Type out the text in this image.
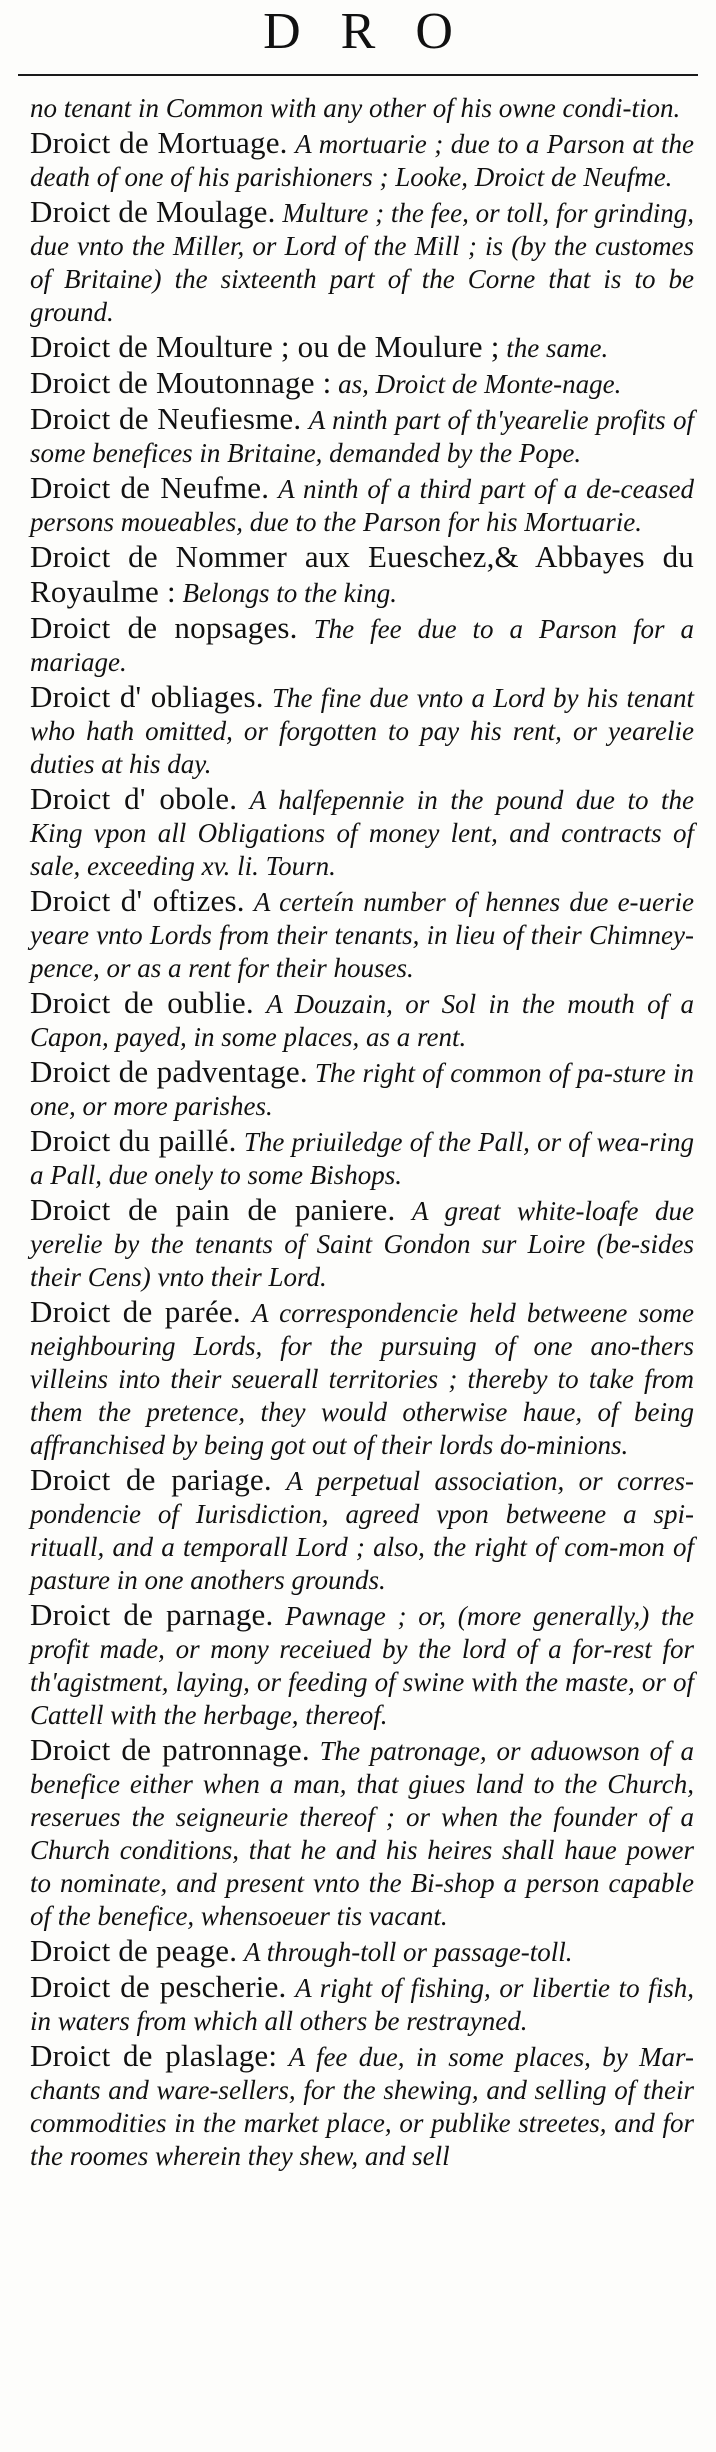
DRO

no tenant in Common with any other of his owne condi-tion.

Droict de Mortuage. A mortuarie ; due to a Parson at the death of one of his parishioners ; Looke, Droict de Neufme.

Droict de Moulage. Multure ; the fee, or toll, for grinding, due vnto the Miller, or Lord of the Mill ; is (by the customes of Britaine) the sixteenth part of the Corne that is to be ground.

Droict de Moulture ; ou de Moulure ; the same.

Droict de Moutonnage : as, Droict de Monte-nage.

Droict de Neufiesme. A ninth part of th'yearelie profits of some benefices in Britaine, demanded by the Pope.

Droict de Neufme. A ninth of a third part of a de-ceased persons moueables, due to the Parson for his Mortuarie.

Droict de Nommer aux Eueschez,& Abbayes du Royaulme : Belongs to the king.

Droict de nopsages. The fee due to a Parson for a mariage.

Droict d' obliages. The fine due vnto a Lord by his tenant who hath omitted, or forgotten to pay his rent, or yearelie duties at his day.

Droict d' obole. A halfepennie in the pound due to the King vpon all Obligations of money lent, and contracts of sale, exceeding xv. li. Tourn.

Droict d' oftizes. A certeín number of hennes due e-uerie yeare vnto Lords from their tenants, in lieu of their Chimney-pence, or as a rent for their houses.

Droict de oublie. A Douzain, or Sol in the mouth of a Capon, payed, in some places, as a rent.

Droict de padventage. The right of common of pa-sture in one, or more parishes.

Droict du paillé. The priuiledge of the Pall, or of wea-ring a Pall, due onely to some Bishops.

Droict de pain de paniere. A great white-loafe due yerelie by the tenants of Saint Gondon sur Loire (be-sides their Cens) vnto their Lord.

Droict de parée. A correspondencie held betweene some neighbouring Lords, for the pursuing of one ano-thers villeins into their seuerall territories ; thereby to take from them the pretence, they would otherwise haue, of being affranchised by being got out of their lords do-minions.

Droict de pariage. A perpetual association, or corres-pondencie of Iurisdiction, agreed vpon betweene a spi-rituall, and a temporall Lord ; also, the right of com-mon of pasture in one anothers grounds.

Droict de parnage. Pawnage ; or, (more generally,) the profit made, or mony receiued by the lord of a for-rest for th'agistment, laying, or feeding of swine with the maste, or of Cattell with the herbage, thereof.

Droict de patronnage. The patronage, or aduowson of a benefice either when a man, that giues land to the Church, reserues the seigneurie thereof ; or when the founder of a Church conditions, that he and his heires shall haue power to nominate, and present vnto the Bi-shop a person capable of the benefice, whensoeuer tis vacant.

Droict de peage. A through-toll or passage-toll.

Droict de pescherie. A right of fishing, or libertie to fish, in waters from which all others be restrayned.

Droict de plaslage: A fee due, in some places, by Mar-chants and ware-sellers, for the shewing, and selling of their commodities in the market place, or publike streetes, and for the roomes wherein they shew, and sell
